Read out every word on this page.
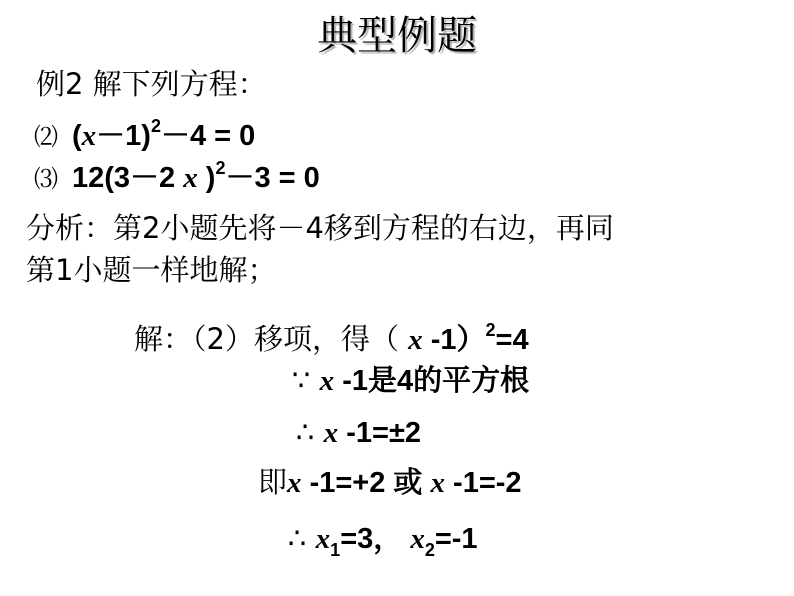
典型例题
例2 解下列方程：
⑵ $(x-1)^2-4 = 0$
⑶ 12(3－2 x )$^2$－3 = 0
分析：第2小题先将－4移到方程的右边，再同
第1小题一样地解；
解：（2）移项，得（ x -1）$^2$=4
∵ x -1是4的平方根
∴ x -1=±2
即x -1=+2 或 x -1=-2
∴ $x_1=3$， $x_2=-1$
